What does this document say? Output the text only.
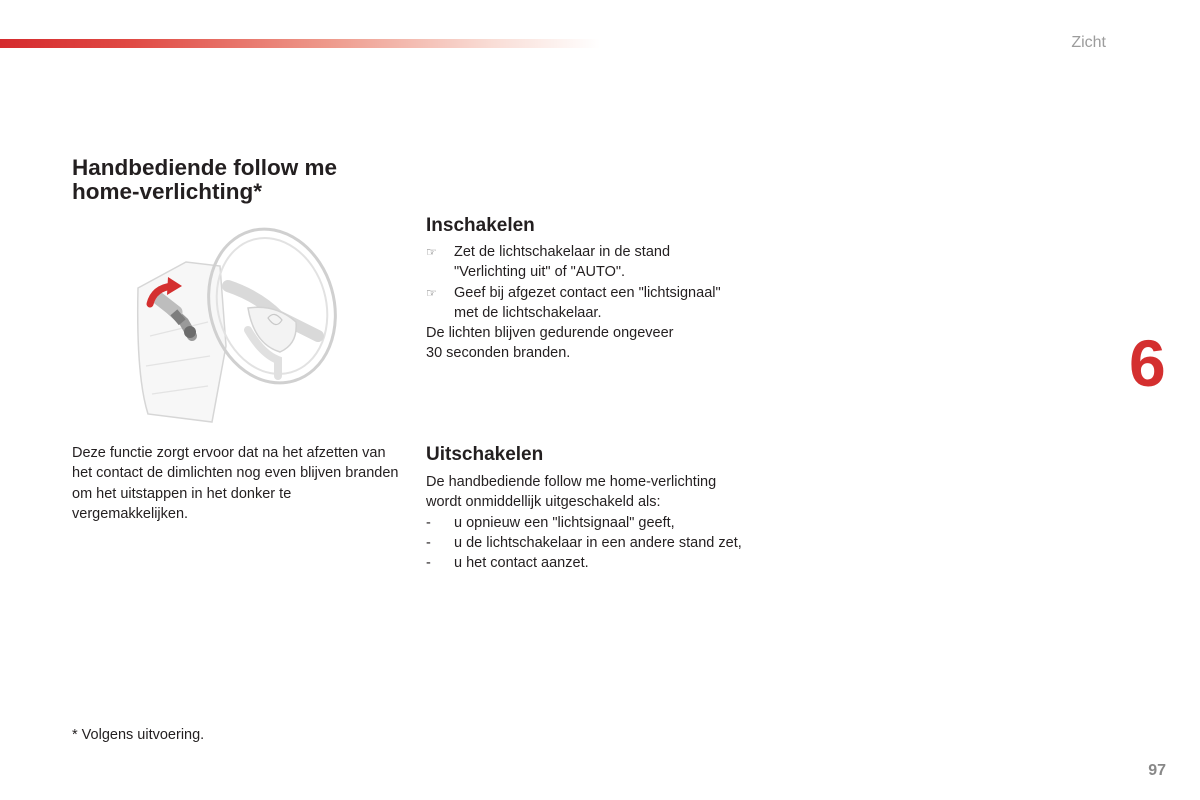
Zicht
6
Handbediende follow me
home-verlichting*

Deze functie zorgt ervoor dat na het afzetten van het contact de dimlichten nog even blijven branden om het uitstappen in het donker te vergemakkelijken.

Inschakelen
☞	Zet de lichtschakelaar in de stand
"Verlichting uit" of "AUTO".
☞	Geef bij afgezet contact een "lichtsignaal"
met de lichtschakelaar.

De lichten blijven gedurende ongeveer
30 seconden branden.

Uitschakelen

De handbediende follow me home-verlichting
wordt onmiddellijk uitgeschakeld als:

-	u opnieuw een "lichtsignaal" geeft,
-	u de lichtschakelaar in een andere stand zet,
-	u het contact aanzet.
* Volgens uitvoering.
97
